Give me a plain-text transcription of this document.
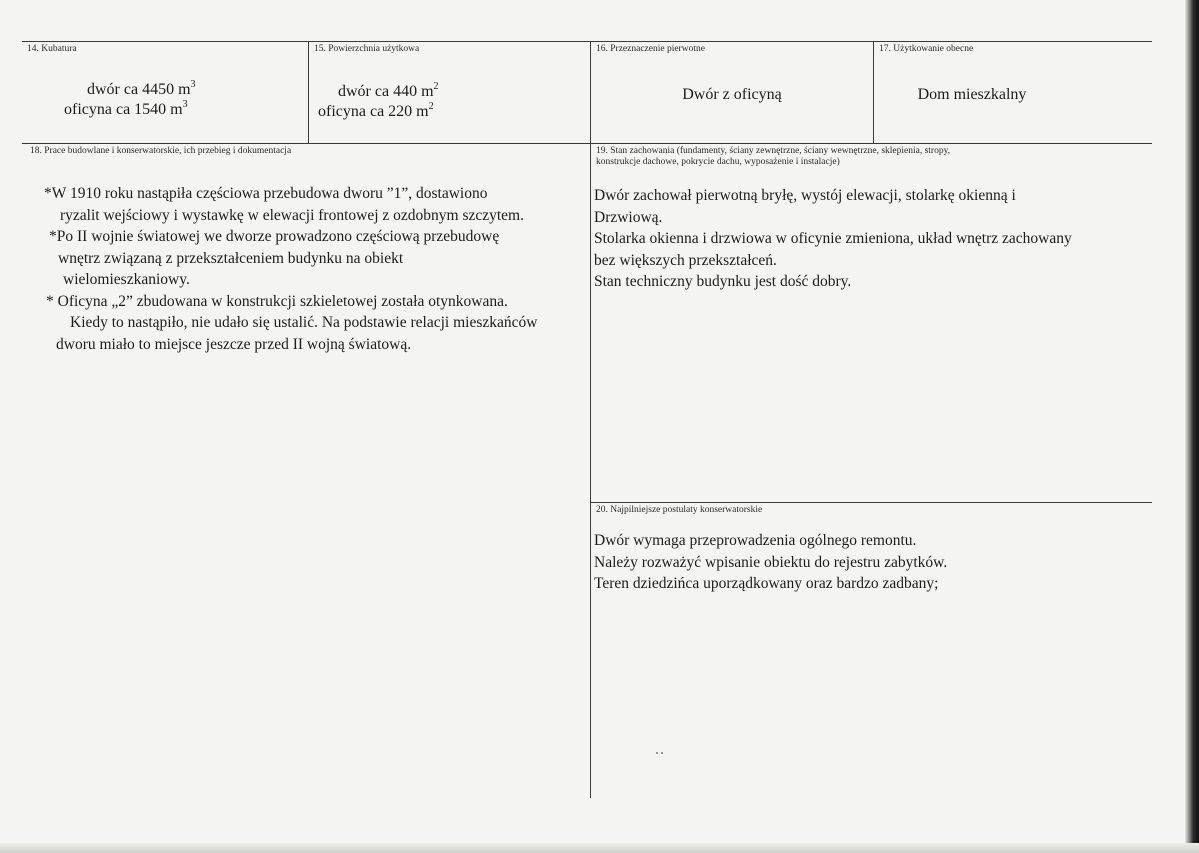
14. Kubatura
dwór ca 4450 $m^3$
oficyna ca 1540 $m^3$
15. Powierzchnia użytkowa
dwór ca 440 $m^2$
oficyna ca 220 $m^2$
16. Przeznaczenie pierwotne
Dwór z oficyną
17. Użytkowanie obecne
Dom mieszkalny
18. Prace budowlane i konserwatorskie, ich przebieg i dokumentacja

*W 1910 roku nastąpiła częściowa przebudowa dworu ”1”, dostawiono

ryzalit wejściowy i wystawkę w elewacji frontowej z ozdobnym szczytem.

*Po II wojnie światowej we dworze prowadzono częściową przebudowę

wnętrz związaną z przekształceniem budynku na obiekt

wielomieszkaniowy.

* Oficyna „2” zbudowana w konstrukcji szkieletowej została otynkowana.

Kiedy to nastąpiło, nie udało się ustalić. Na podstawie relacji mieszkańców

dworu miało to miejsce jeszcze przed II wojną światową.

19. Stan zachowania (fundamenty, ściany zewnętrzne, ściany wewnętrzne, sklepienia, stropy,
konstrukcje dachowe, pokrycie dachu, wyposażenie i instalacje)

Dwór zachował pierwotną bryłę, wystój elewacji, stolarkę okienną i

Drzwiową.

Stolarka okienna i drzwiowa w oficynie zmieniona, układ wnętrz zachowany

bez większych przekształceń.

Stan techniczny budynku jest dość dobry.

20. Najpilniejsze postulaty konserwatorskie

Dwór wymaga przeprowadzenia ogólnego remontu.

Należy rozważyć wpisanie obiektu do rejestru zabytków.

Teren dziedzińca uporządkowany oraz bardzo zadbany;
